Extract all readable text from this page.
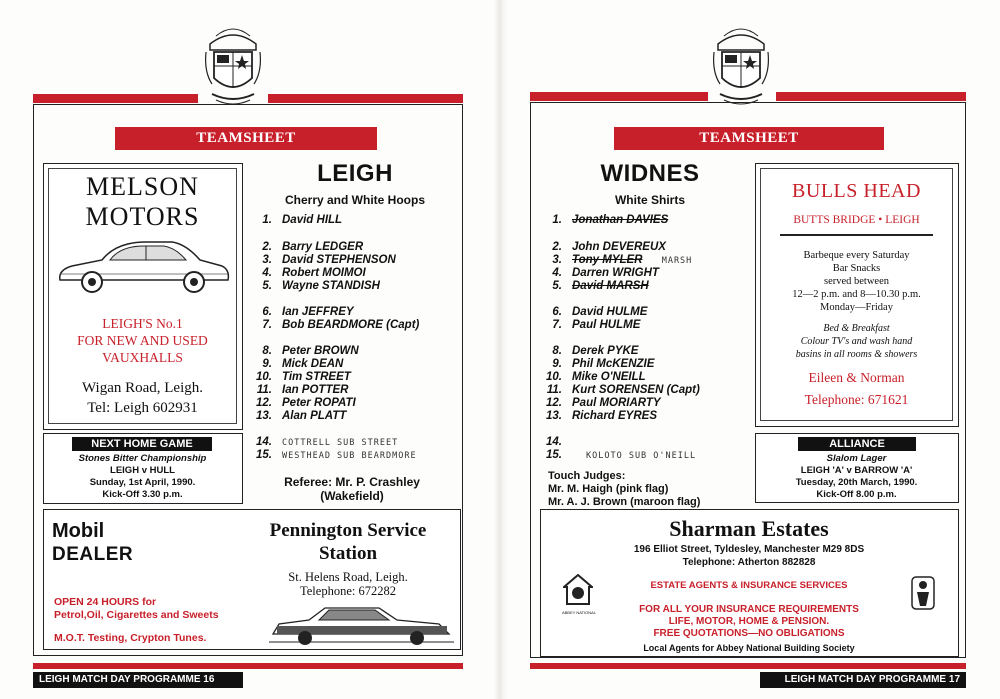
TEAMSHEET
MELSON
MOTORS
LEIGH'S No.1
FOR NEW AND USED
VAUXHALLS
Wigan Road, Leigh.
Tel: Leigh 602931
LEIGH
Cherry and White Hoops
1. David HILL
2. Barry LEDGER
3. David STEPHENSON
4. Robert MOIMOI
5. Wayne STANDISH
6. Ian JEFFREY
7. Bob BEARDMORE (Capt)
8. Peter BROWN
9. Mick DEAN
10. Tim STREET
11. Ian POTTER
12. Peter ROPATI
13. Alan PLATT
14. COTTRELL SUB STREET
15. WESTHEAD SUB BEARDMORE
Referee: Mr. P. Crashley
(Wakefield)
NEXT HOME GAME
Stones Bitter Championship
LEIGH v HULL
Sunday, 1st April, 1990.
Kick-Off 3.30 p.m.
Mobil
DEALER
Pennington Service
Station
St. Helens Road, Leigh.
Telephone: 672282
OPEN 24 HOURS for
Petrol,Oil, Cigarettes and Sweets
M.O.T. Testing, Crypton Tunes.
LEIGH MATCH DAY PROGRAMME 16
TEAMSHEET
WIDNES
White Shirts
1. Jonathan DAVIES
2. John DEVEREUX
3. Tony MYLER MARSH
4. Darren WRIGHT
5. David MARSH
6. David HULME
7. Paul HULME
8. Derek PYKE
9. Phil McKENZIE
10. Mike O'NEILL
11. Kurt SORENSEN (Capt)
12. Paul MORIARTY
13. Richard EYRES
14.
15.	KOLOTO SUB O'NEILL
Touch Judges:
Mr. M. Haigh (pink flag)
Mr. A. J. Brown (maroon flag)
BULLS HEAD
BUTTS BRIDGE • LEIGH
Barbeque every Saturday
Bar Snacks
served between
12—2 p.m. and 8—10.30 p.m.
Monday—Friday
Bed & Breakfast
Colour TV's and wash hand
basins in all rooms & showers
Eileen & Norman
Telephone: 671621
ALLIANCE
Slalom Lager
LEIGH 'A' v BARROW 'A'
Tuesday, 20th March, 1990.
Kick-Off 8.00 p.m.
Sharman Estates
196 Elliot Street, Tyldesley, Manchester M29 8DS
Telephone: Atherton 882828
ABBEY NATIONAL
ESTATE AGENTS & INSURANCE SERVICES
FOR ALL YOUR INSURANCE REQUIREMENTS
LIFE, MOTOR, HOME & PENSION.
FREE QUOTATIONS—NO OBLIGATIONS
Local Agents for Abbey National Building Society
LEIGH MATCH DAY PROGRAMME 17
